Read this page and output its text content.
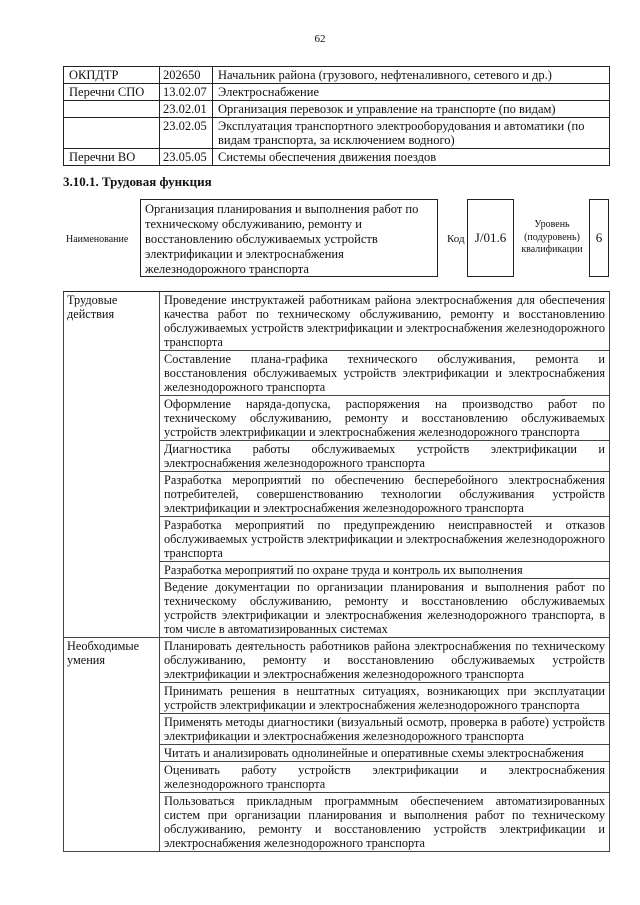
62
ОКПДТР	202650	Начальник района (грузового, нефтеналивного, сетевого и др.)
Перечни СПО	13.02.07	Электроснабжение
	23.02.01	Организация перевозок и управление на транспорте (по видам)
	23.02.05	Эксплуатация транспортного электрооборудования и автоматики (по видам транспорта, за исключением водного)
Перечни ВО	23.05.05	Системы обеспечения движения поездов
3.10.1. Трудовая функция
Наименование
Организация планирования и выполнения работ по техническому обслуживанию, ремонту и восстановлению обслуживаемых устройств электрификации и электроснабжения железнодорожного транспорта
Код J/01.6
Уровень (подуровень) квалификации
6
Трудовые действия	Проведение инструктажей работникам района электроснабжения для обеспечения качества работ по техническому обслуживанию, ремонту и восстановлению обслуживаемых устройств электрификации и электроснабжения железнодорожного транспорта
	Составление плана-графика технического обслуживания, ремонта и восстановления обслуживаемых устройств электрификации и электроснабжения железнодорожного транспорта
	Оформление наряда-допуска, распоряжения на производство работ по техническому обслуживанию, ремонту и восстановлению обслуживаемых устройств электрификации и электроснабжения железнодорожного транспорта
	Диагностика работы обслуживаемых устройств электрификации и электроснабжения железнодорожного транспорта
	Разработка мероприятий по обеспечению бесперебойного электроснабжения потребителей, совершенствованию технологии обслуживания устройств электрификации и электроснабжения железнодорожного транспорта
	Разработка мероприятий по предупреждению неисправностей и отказов обслуживаемых устройств электрификации и электроснабжения железнодорожного транспорта
	Разработка мероприятий по охране труда и контроль их выполнения
	Ведение документации по организации планирования и выполнения работ по техническому обслуживанию, ремонту и восстановлению обслуживаемых устройств электрификации и электроснабжения железнодорожного транспорта, в том числе в автоматизированных системах
Необходимые умения	Планировать деятельность работников района электроснабжения по техническому обслуживанию, ремонту и восстановлению обслуживаемых устройств электрификации и электроснабжения железнодорожного транспорта
	Принимать решения в нештатных ситуациях, возникающих при эксплуатации устройств электрификации и электроснабжения железнодорожного транспорта
	Применять методы диагностики (визуальный осмотр, проверка в работе) устройств электрификации и электроснабжения железнодорожного транспорта
	Читать и анализировать однолинейные и оперативные схемы электроснабжения
	Оценивать работу устройств электрификации и электроснабжения железнодорожного транспорта
	Пользоваться прикладным программным обеспечением автоматизированных систем при организации планирования и выполнения работ по техническому обслуживанию, ремонту и восстановлению устройств электрификации и электроснабжения железнодорожного транспорта
